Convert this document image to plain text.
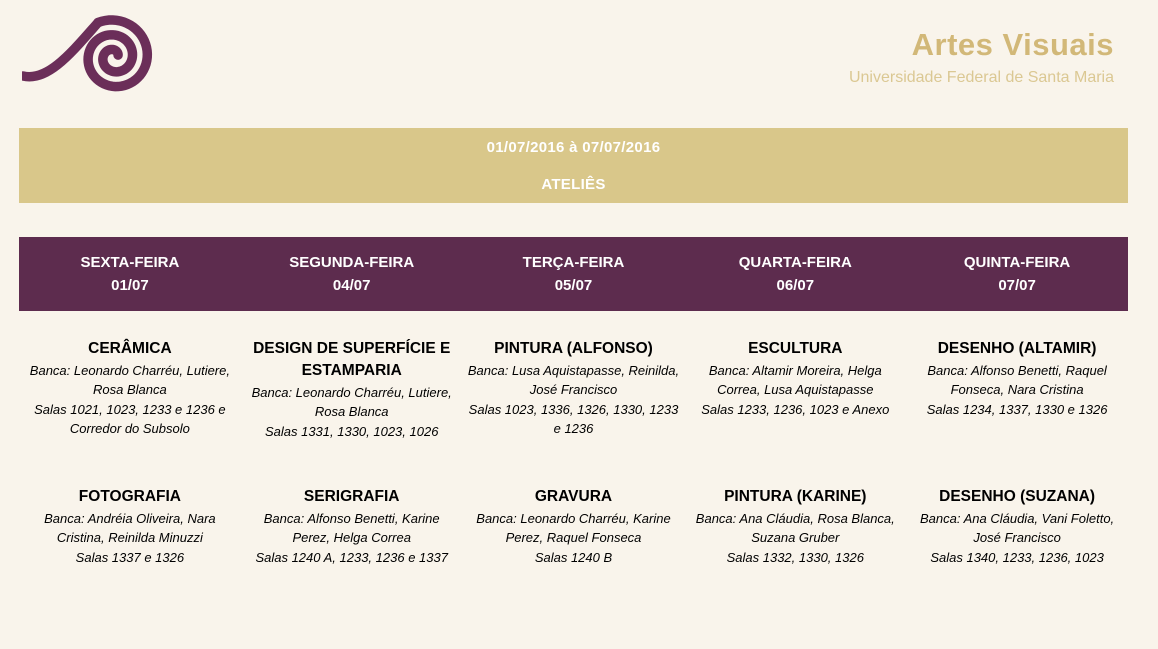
Artes Visuais
Universidade Federal de Santa Maria
01/07/2016 à 07/07/2016
ATELIÊS
SEXTA-FEIRA
01/07
SEGUNDA-FEIRA
04/07
TERÇA-FEIRA
05/07
QUARTA-FEIRA
06/07
QUINTA-FEIRA
07/07
CERÂMICA
Banca: Leonardo Charréu, Lutiere, Rosa Blanca
Salas 1021, 1023, 1233 e 1236 e Corredor do Subsolo
DESIGN DE SUPERFÍCIE E ESTAMPARIA
Banca: Leonardo Charréu, Lutiere, Rosa Blanca
Salas 1331, 1330, 1023, 1026
PINTURA (ALFONSO)
Banca: Lusa Aquistapasse, Reinilda, José Francisco
Salas 1023, 1336, 1326, 1330, 1233 e 1236
ESCULTURA
Banca: Altamir Moreira, Helga Correa, Lusa Aquistapasse
Salas 1233, 1236, 1023 e Anexo
DESENHO (ALTAMIR)
Banca: Alfonso Benetti, Raquel Fonseca, Nara Cristina
Salas 1234, 1337, 1330 e 1326
FOTOGRAFIA
Banca: Andréia Oliveira, Nara Cristina, Reinilda Minuzzi
Salas 1337 e 1326
SERIGRAFIA
Banca: Alfonso Benetti, Karine Perez, Helga Correa
Salas 1240 A, 1233, 1236 e 1337
GRAVURA
Banca: Leonardo Charréu, Karine Perez, Raquel Fonseca
Salas 1240 B
PINTURA (KARINE)
Banca: Ana Cláudia, Rosa Blanca, Suzana Gruber
Salas 1332, 1330, 1326
DESENHO (SUZANA)
Banca: Ana Cláudia, Vani Foletto, José Francisco
Salas 1340, 1233, 1236, 1023
